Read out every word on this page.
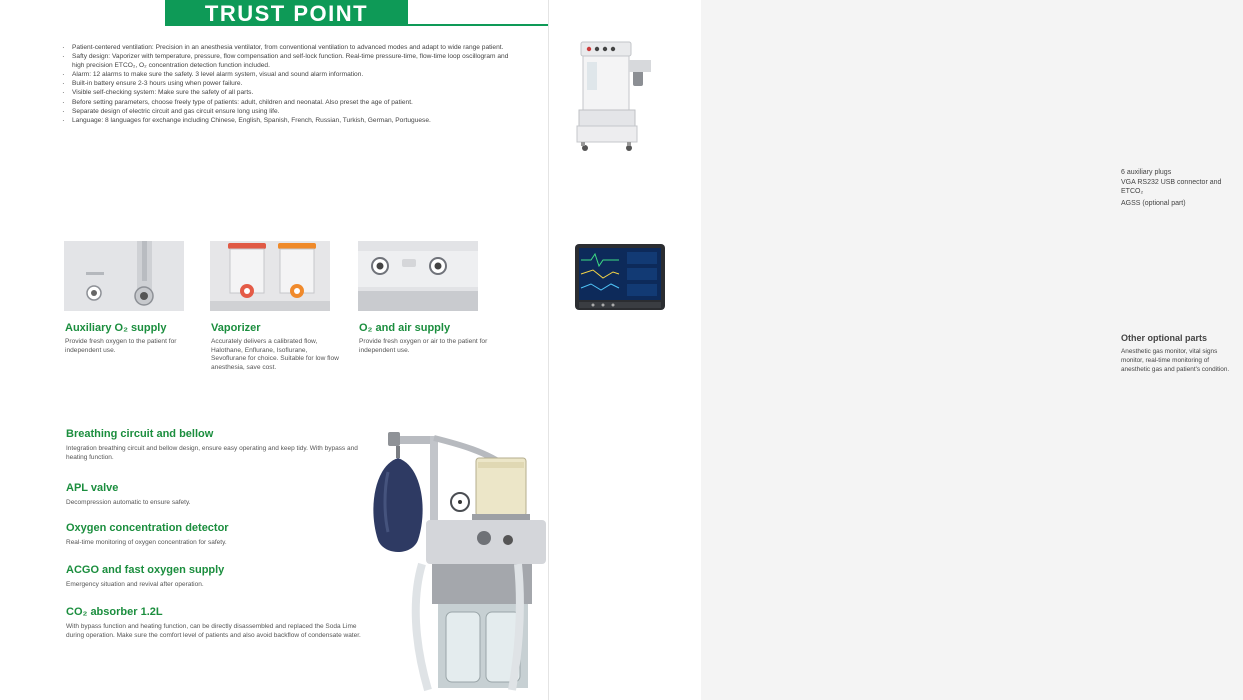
TRUST POINT
· Patient-centered ventilation: Precision in an anesthesia ventilator, from conventional ventilation to advanced modes and adapt to wide range patient.
· Safty design: Vaporizer with temperature, pressure, flow compensation and self-lock function. Real-time pressure-time, flow-time loop oscillogram and high precision ETCO₂, O₂ concentration detection function included.
· Alarm: 12 alarms to make sure the safety. 3 level alarm system, visual and sound alarm information.
· Built-in battery ensure 2-3 hours using when power failure.
· Visible self-checking system: Make sure the safety of all parts.
· Before setting parameters, choose freely type of patients: adult, children and neonatal. Also preset the age of patient.
· Separate design of electric circuit and gas circuit ensure long using life.
· Language: 8 languages for exchange including Chinese, English, Spanish, French, Russian, Turkish, German, Portuguese.
Auxiliary O₂ supply
Provide fresh oxygen to the patient for independent use.
Vaporizer
Accurately delivers a calibrated flow, Halothane, Enflurane, Isoflurane, Sevoflurane for choice. Suitable for low flow anesthesia, save cost.
O₂ and air supply
Provide fresh oxygen or air to the patient for independent use.

Breathing circuit and bellow

Integration breathing circuit and bellow design, ensure easy operating and keep tidy. With bypass and heating function.

APL valve

Decompression automatic to ensure safety.

Oxygen concentration detector

Real-time monitoring of oxygen concentration for safety.

ACGO and fast oxygen supply

Emergency situation and revival after operation.

CO₂ absorber 1.2L

With bypass function and heating function, can be directly disassembled and replaced the Soda Lime during operation. Make sure the comfort level of patients and also avoid backflow of condensate water.

6 auxiliary plugs
VGA RS232 USB connector and ETCO₂
AGSS (optional part)
Other optional parts
Anesthetic gas monitor, vital signs monitor, real-time monitoring of anesthetic gas and patient's condition.
